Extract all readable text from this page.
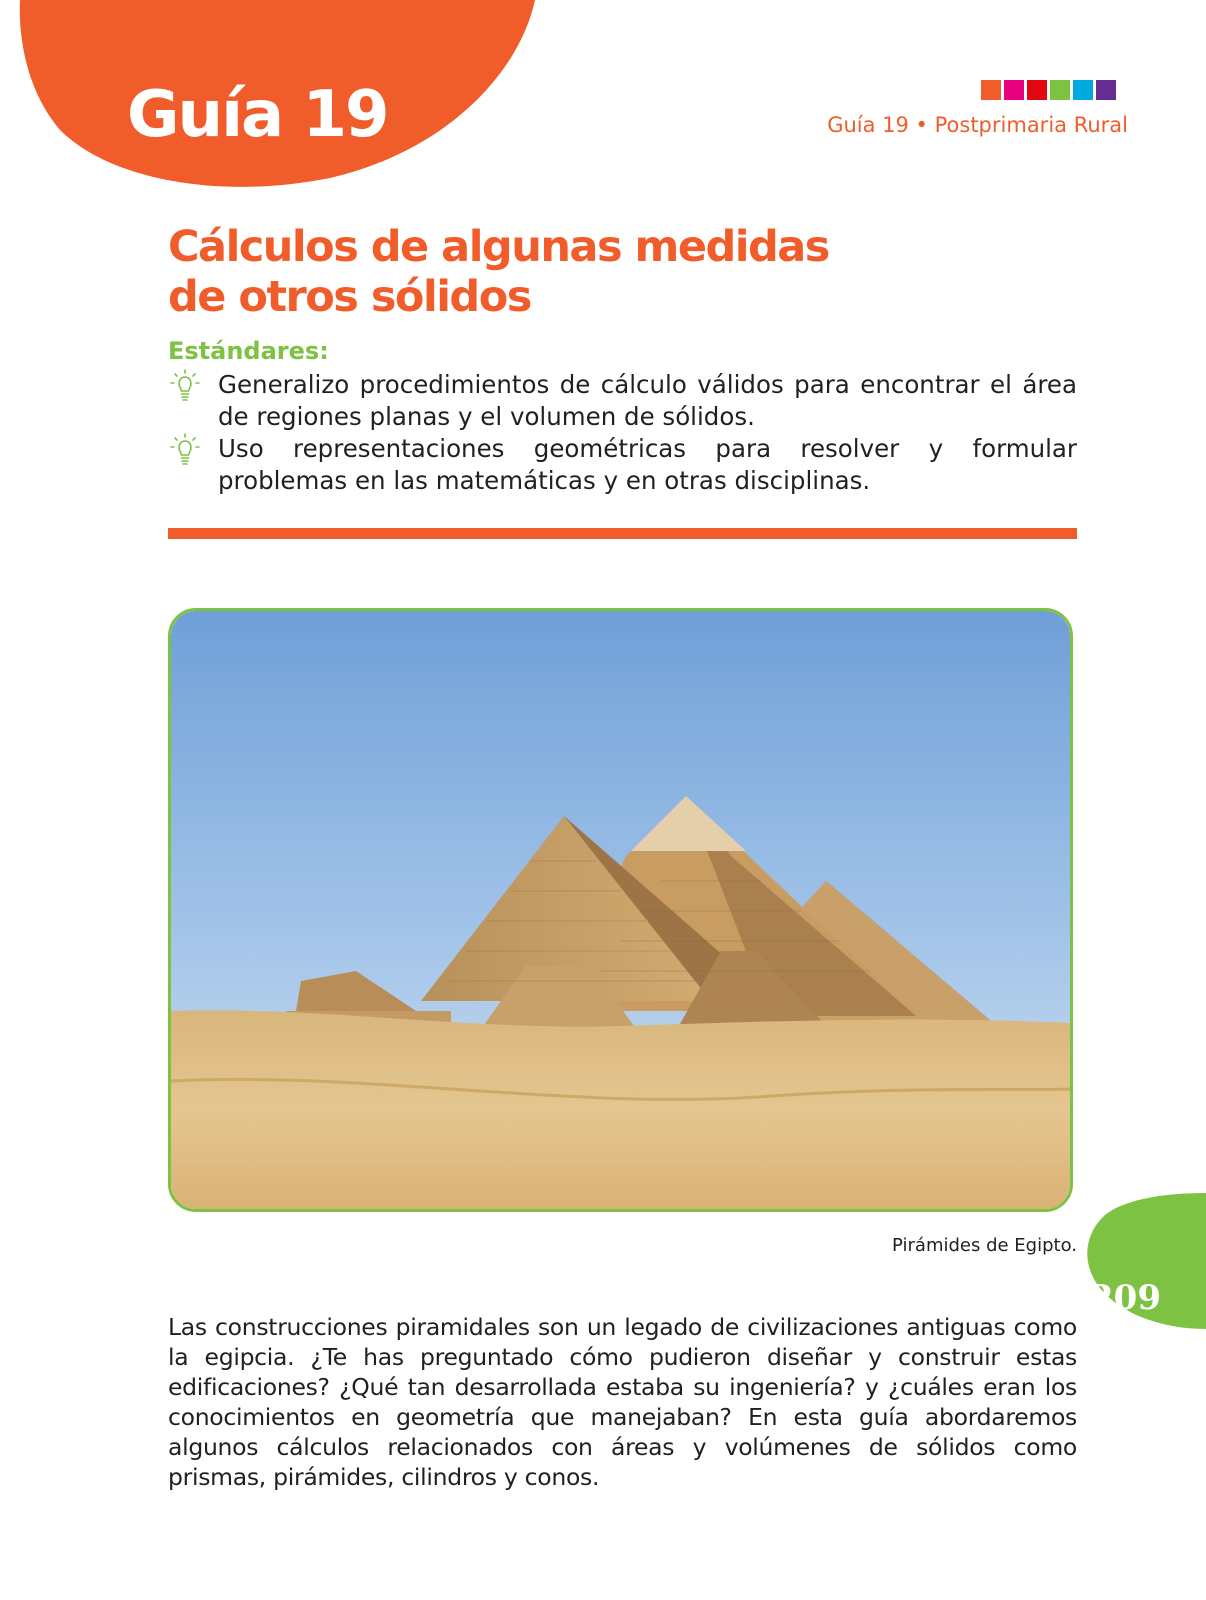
Guía 19	Guía 19 • Postprimaria Rural
Cálculos de algunas medidas
de otros sólidos
Estándares:
Generalizo procedimientos de cálculo válidos para encontrar el área de regiones planas y el volumen de sólidos.
Uso representaciones geométricas para resolver y formular problemas en las matemáticas y en otras disciplinas.
Pirámides de Egipto.
209

Las construcciones piramidales son un legado de civilizaciones antiguas como la egipcia. ¿Te has preguntado cómo pudieron diseñar y construir estas edificaciones? ¿Qué tan desarrollada estaba su ingeniería? y ¿cuáles eran los conocimientos en geometría que manejaban? En esta guía abordaremos algunos cálculos relacionados con áreas y volúmenes de sólidos como prismas, pirámides, cilindros y conos.
